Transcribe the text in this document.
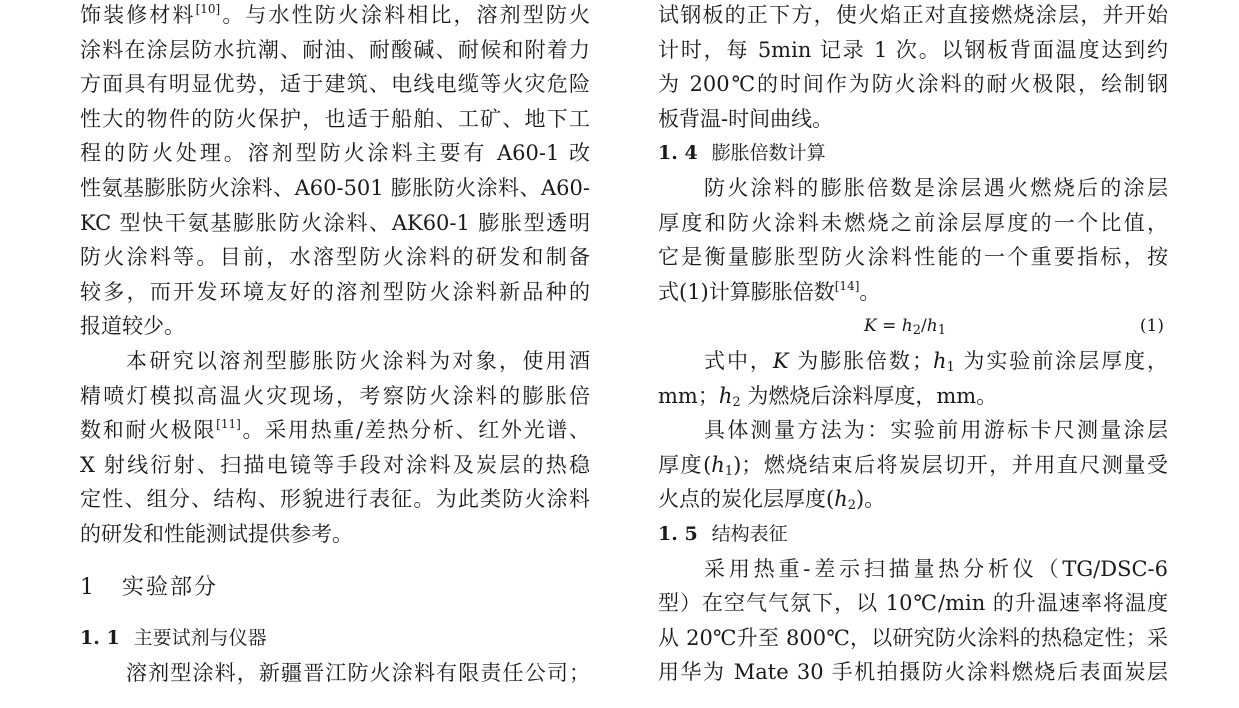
饰装修材料[10]。与水性防火涂料相比，溶剂型防火
涂料在涂层防水抗潮、耐油、耐酸碱、耐候和附着力
方面具有明显优势，适于建筑、电线电缆等火灾危险
性大的物件的防火保护，也适于船舶、工矿、地下工
程的防火处理。溶剂型防火涂料主要有 A60-1 改
性氨基膨胀防火涂料、A60-501 膨胀防火涂料、A60-
KC 型快干氨基膨胀防火涂料、AK60-1 膨胀型透明
防火涂料等。目前，水溶型防火涂料的研发和制备
较多，而开发环境友好的溶剂型防火涂料新品种的
报道较少。
本研究以溶剂型膨胀防火涂料为对象，使用酒
精喷灯模拟高温火灾现场，考察防火涂料的膨胀倍
数和耐火极限[11]。采用热重/差热分析、红外光谱、
X 射线衍射、扫描电镜等手段对涂料及炭层的热稳
定性、组分、结构、形貌进行表征。为此类防火涂料
的研发和性能测试提供参考。
1 实验部分
1. 1 主要试剂与仪器
溶剂型涂料，新疆晋江防火涂料有限责任公司；
试钢板的正下方，使火焰正对直接燃烧涂层，并开始
计时，每 5min 记录 1 次。以钢板背面温度达到约
为 200℃的时间作为防火涂料的耐火极限，绘制钢
板背温-时间曲线。
1. 4 膨胀倍数计算
防火涂料的膨胀倍数是涂层遇火燃烧后的涂层
厚度和防火涂料未燃烧之前涂层厚度的一个比值，
它是衡量膨胀型防火涂料性能的一个重要指标，按
式(1)计算膨胀倍数[14]。
$K = h_2/h_1$	(1)
式中，K 为膨胀倍数；$h_1$ 为实验前涂层厚度，
mm；$h_2$ 为燃烧后涂料厚度，mm。
具体测量方法为：实验前用游标卡尺测量涂层
厚度$(h_1)$；燃烧结束后将炭层切开，并用直尺测量受
火点的炭化层厚度$(h_2)$。
1. 5 结构表征
采用热重-差示扫描量热分析仪（TG/DSC-6
型）在空气气氛下，以 10℃/min 的升温速率将温度
从 20℃升至 800℃，以研究防火涂料的热稳定性；采
用华为 Mate 30 手机拍摄防火涂料燃烧后表面炭层
